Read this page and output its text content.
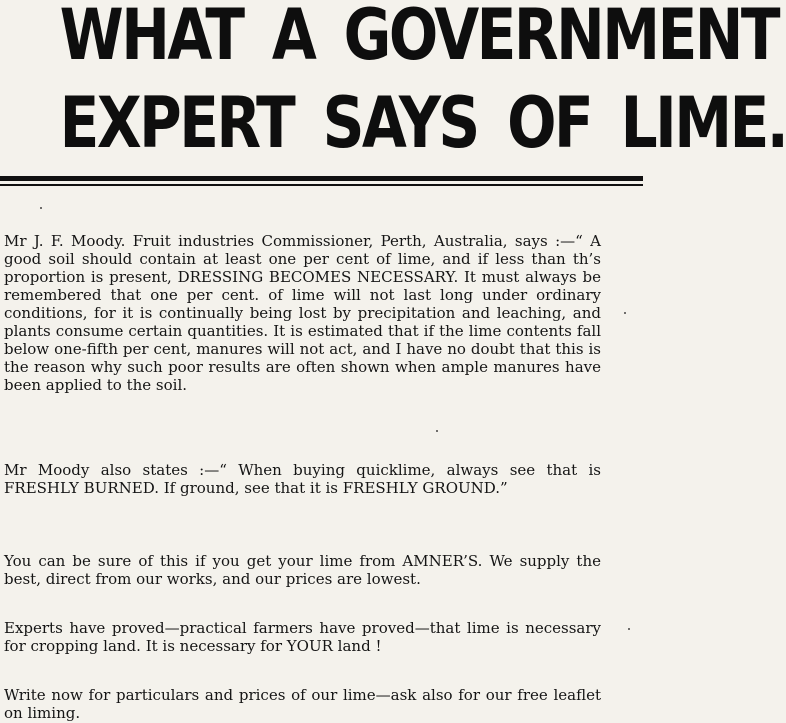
WHAT A GOVERNMENT
EXPERT SAYS OF LIME.
Mr J. F. Moody. Fruit industries Commissioner, Perth, Australia, says :—“ A good soil should contain at least one per cent of lime, and if less than th’s proportion is present, DRESSING BECOMES NECESSARY. It must always be remembered that one per cent. of lime will not last long under ordinary conditions, for it is continually being lost by precipitation and leaching, and plants consume certain quantities. It is estimated that if the lime contents fall below one-fifth per cent, manures will not act, and I have no doubt that this is the reason why such poor results are often shown when ample manures have been applied to the soil.
Mr Moody also states :—“ When buying quicklime, always see that is FRESHLY BURNED. If ground, see that it is FRESHLY GROUND.”
You can be sure of this if you get your lime from AMNER’S. We supply the best, direct from our works, and our prices are lowest.
Experts have proved—practical farmers have proved—that lime is necessary for cropping land. It is necessary for YOUR land !
Write now for particulars and prices of our lime—ask also for our free leaflet on liming.
